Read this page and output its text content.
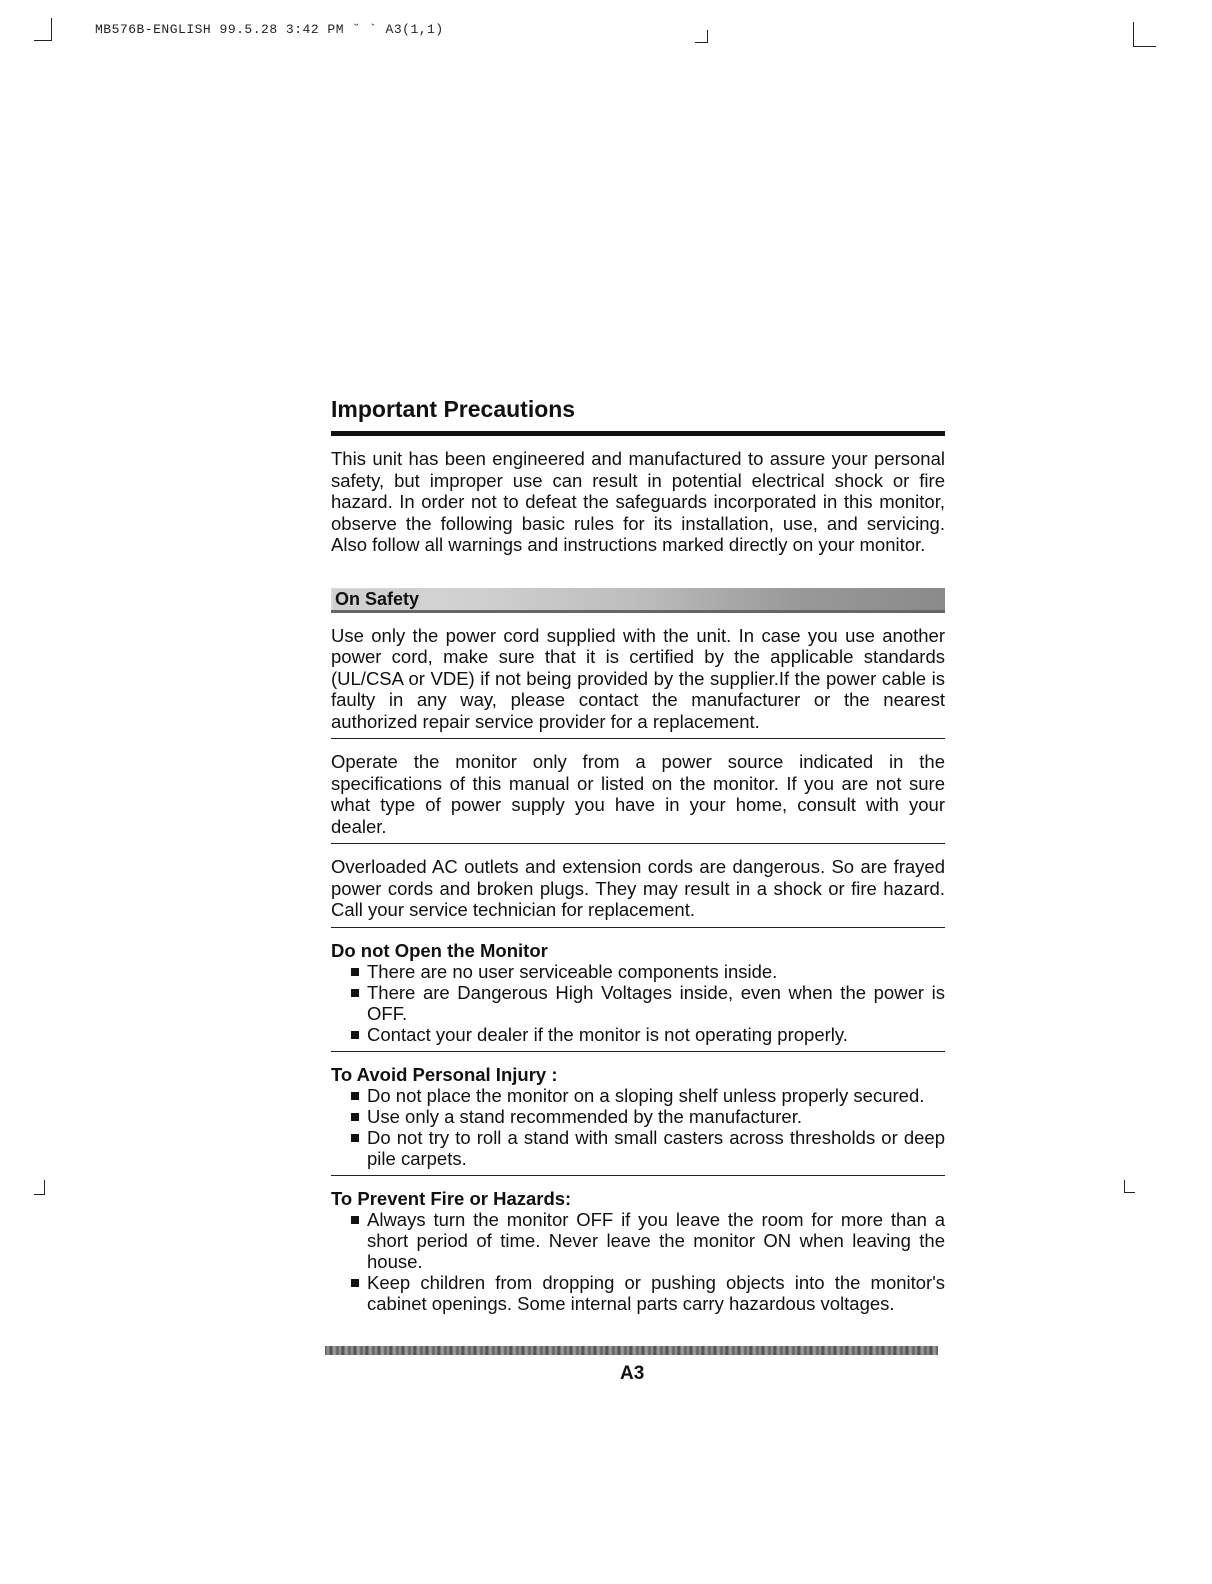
MB576B-ENGLISH 99.5.28 3:42 PM ˘ ` A3(1,1)
Important Precautions

This unit has been engineered and manufactured to assure your personal safety, but improper use can result in potential electrical shock or fire hazard. In order not to defeat the safeguards incorporated in this monitor, observe the following basic rules for its installation, use, and servicing. Also follow all warnings and instructions marked directly on your monitor.

On Safety

Use only the power cord supplied with the unit. In case you use another power cord, make sure that it is certified by the applicable standards (UL/CSA or VDE) if not being provided by the supplier.If the power cable is faulty in any way, please contact the manufacturer or the nearest authorized repair service provider for a replacement.

Operate the monitor only from a power source indicated in the specifications of this manual or listed on the monitor. If you are not sure what type of power supply you have in your home, consult with your dealer.

Overloaded AC outlets and extension cords are dangerous. So are frayed power cords and broken plugs. They may result in a shock or fire hazard. Call your service technician for replacement.

Do not Open the Monitor

There are no user serviceable components inside.
There are Dangerous High Voltages inside, even when the power is OFF.
Contact your dealer if the monitor is not operating properly.

To Avoid Personal Injury :

Do not place the monitor on a sloping shelf unless properly secured.
Use only a stand recommended by the manufacturer.
Do not try to roll a stand with small casters across thresholds or deep pile carpets.

To Prevent Fire or Hazards:

Always turn the monitor OFF if you leave the room for more than a short period of time. Never leave the monitor ON when leaving the house.
Keep children from dropping or pushing objects into the monitor's cabinet openings. Some internal parts carry hazardous voltages.
A3
